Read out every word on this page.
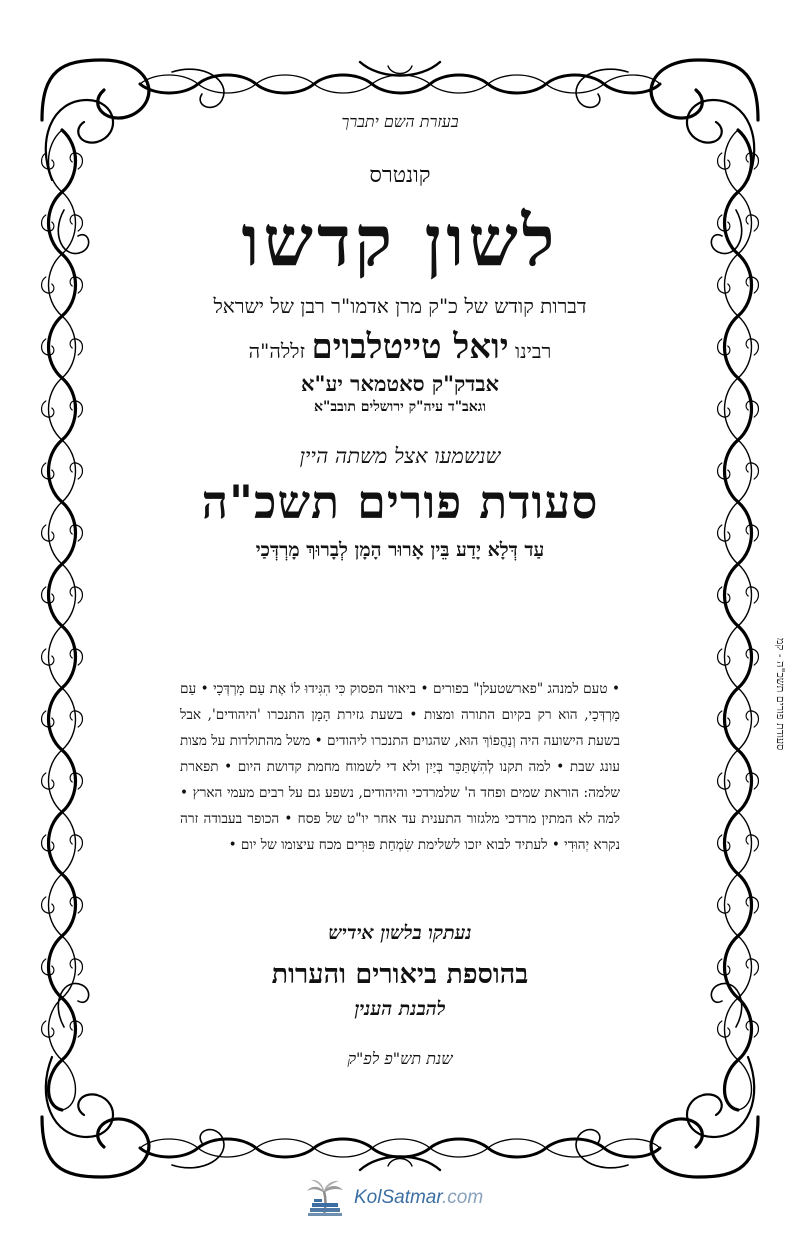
בעזרת השם יתברך

קונטרס

לשון קדשו

דברות קודש של כ"ק מרן אדמו"ר רבן של ישראל

רבינו יואל טייטלבוים זללה"ה

אבדק"ק סאטמאר יע"א

וגאב"ד עיה"ק ירושלים תובב"א

שנשמעו אצל משתה היין

סעודת פורים תשכ"ה

עַד דְּלָא יָדַע בֵּין אָרוּר הָמָן לְבָרוּךְ מָרְדְּכַי

• טעם למנהג "פארשטעלן" בפורים • ביאור הפסוק כִּי הִגִּידוּ לוֹ אֶת עַם מָרְדְּכָי • עַם מָרְדְּכָי, הוא רק בקיום התורה ומצות • בשעת גזירת הָמָן התנכרו 'היהודים', אבל בשעת הישועה היה וְנַהֲפוֹךְ הוּא, שהגוים התנכרו ליהודים • משל מהתולדות על מצות עונג שבת • למה תקנו לְהִשְׁתַּכֵּר בְּיַיִן ולא די לשמוח מחמת קדושת היום • תפארת שלמה: הוראת שמים ופחד ה' שלמרדכי והיהודים, נשפע גם על רבים מעמי הארץ • למה לא המתין מרדכי מלגזור התענית עד אחר יו"ט של פסח • הכופר בעבודה זרה נקרא יְהוּדִי • לעתיד לבוא יזכו לשלימת שִׂמְחַת פּוּרִים מכח עיצומו של יום •

נעתקו בלשון אידיש

בהוספת ביאורים והערות

להבנת הענין

שנת תש"פ לפ"ק

סעודת פורים תשכ"ה - קמ
KolSatmar.com
